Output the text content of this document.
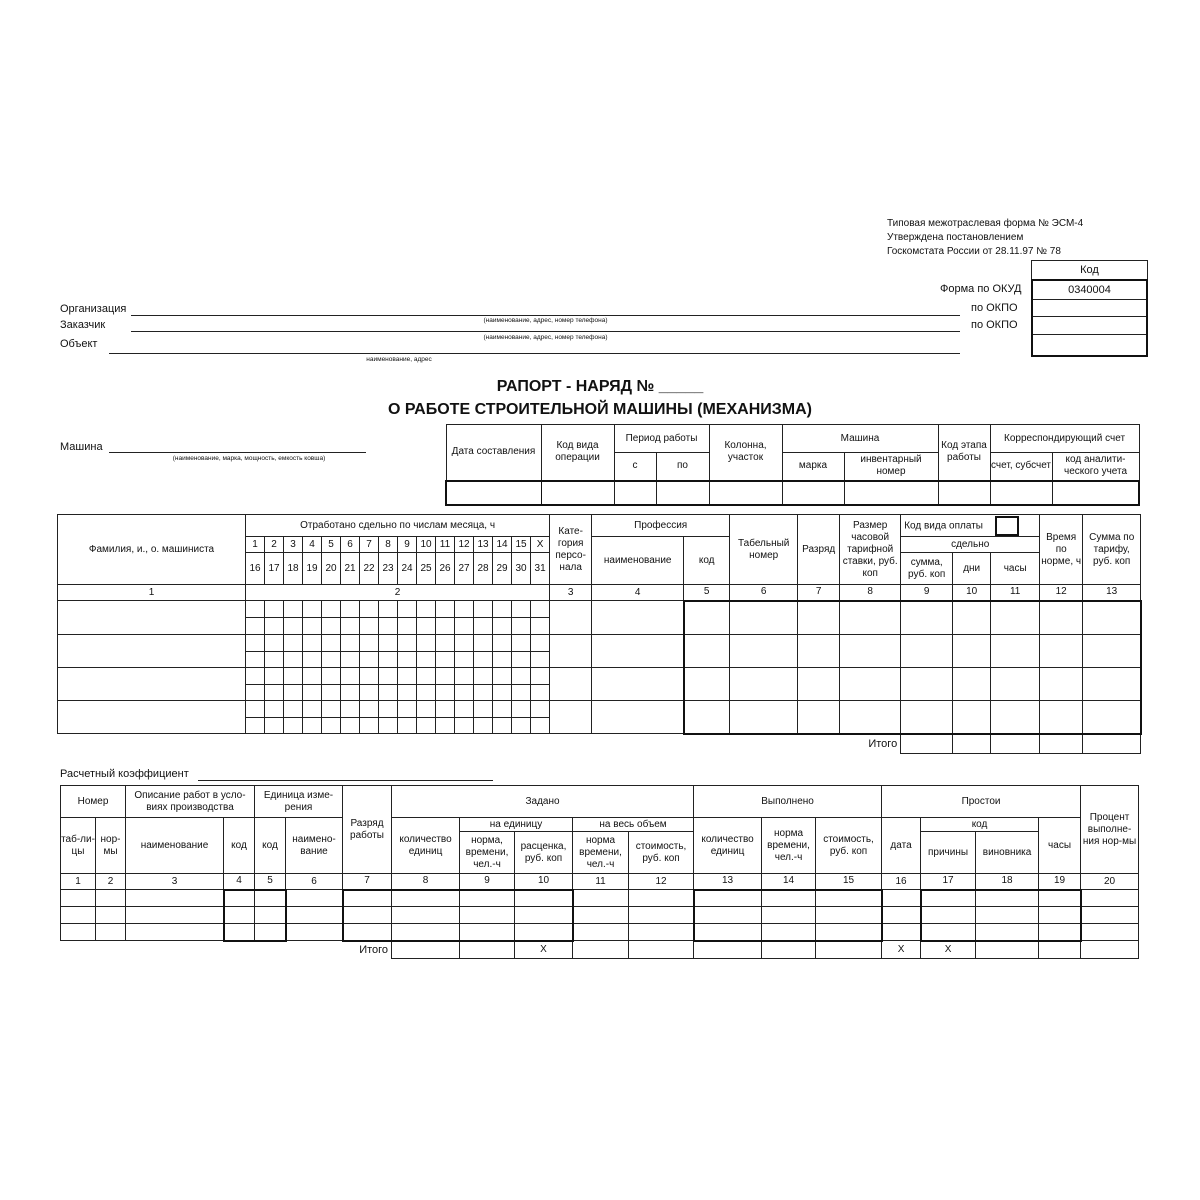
Типовая межотраслевая форма № ЭСМ-4
Утверждена постановлением
Госкомстата России от 28.11.97 № 78
Код
0340004
Форма по ОКУД
по ОКПО
по ОКПО
Организация
(наименование, адрес, номер телефона)
Заказчик
(наименование, адрес, номер телефона)
Объект
наименование, адрес
РАПОРТ - НАРЯД № _____
О РАБОТЕ СТРОИТЕЛЬНОЙ МАШИНЫ (МЕХАНИЗМА)
Машина
(наименование, марка, мощность, емкость ковша)
Дата составления	Код вида операции	Период работы		Колонна, участок	Машина		Код этапа работы	Корреспондирующий счет	
		с	по		марка	инвентарный номер		счет, субсчет	код аналити-ческого учета

Фамилия, и., о. машиниста	Отработано сдельно по числам месяца, ч																Кате-гория персо-нала	Профессия		Табельный номер	Разряд	Размер часовой тарифной ставки, руб. коп	Код вида оплаты			Время по норме, ч	Сумма по тарифу, руб. коп	
	1	2	3	4	5	6	7	8	9	10	11	12	13	14	15	X		наименование	код				сдельно					
	16	17	18	19	20	21	22	23	24	25	26	27	28	29	30	31							сумма, руб. коп	дни	часы			
1	2																3	4	5	6	7	8	9	10	11	12	13	

Итого																												
Расчетный коэффициент
Номер		Описание работ в усло-виях производства		Единица изме-рения		Разряд работы	Задано					Выполнено			Простои				Процент выполне-ния нор-мы
таб-ли-цы	нор-мы	наименование	код	код	наимено-вание		количество единиц	на единицу		на весь объем		количество единиц	норма времени, чел.-ч	стоимость, руб. коп	дата	код		часы	
								норма, времени, чел.-ч	расценка, руб. коп	норма времени, чел.-ч	стоимость, руб. коп					причины	виновника		
1	2	3	4	5	6	7	8	9	10	11	12	13	14	15	16	17	18	19	20

Итого									X						X	X			
